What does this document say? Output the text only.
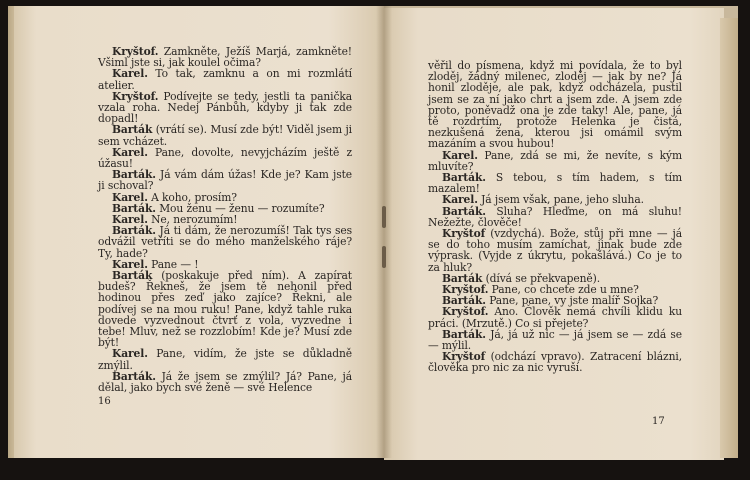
Kryštof. Zamkněte, Ježíš Marjá, zamkněte! Všiml jste si, jak koulel očima?

Karel. To tak, zamknu a on mi rozmlátí atelier.

Kryštof. Podívejte se tedy, jestli ta panička vzala roha. Nedej Pánbůh, kdyby ji tak zde dopadl!

Barták (vrátí se). Musí zde být! Viděl jsem ji sem vcházet.

Karel. Pane, dovolte, nevyjcházím ještě z úžasu!

Barták. Já vám dám úžas! Kde je? Kam jste ji schoval?

Karel. A koho, prosím?

Barták. Mou ženu — ženu — rozumíte?

Karel. Ne, nerozumím!

Barták. Já ti dám, že nerozumíš! Tak tys ses odvážil vetříti se do mého manželského ráje? Ty, hade?

Karel. Pane — !

Barták (poskakuje před ním). A zapírat budeš? Řekneš, že jsem tě nehonil před hodinou přes zeď jako zajíce? Řekni, ale podívej se na mou ruku! Pane, když tahle ruka dovede vyzvednout čtvrť z vola, vyzvedne i tebe! Mluv, než se rozzlobím! Kde je? Musí zde být!

Karel. Pane, vidím, že jste se důkladně zmýlil.

Barták. Já že jsem se zmýlil? Já? Pane, já dělal, jako bych své ženě — své Helence

16

věřil do písmena, když mi povídala, že to byl zloděj, žádný milenec, zloděj — jak by ne? Já honil zloděje, ale pak, když odcházela, pustil jsem se za ní jako chrt a jsem zde. A jsem zde proto, poněvadž ona je zde taky! Ale, pane, já tě rozdrtím, protože Helenka je čistá, nezkušená žena, kterou jsi omámil svým mazáním a svou hubou!

Karel. Pane, zdá se mi, že nevíte, s kým mluvíte?

Barták. S tebou, s tím hadem, s tím mazalem!

Karel. Já jsem však, pane, jeho sluha.

Barták. Sluha? Hleďme, on má sluhu! Nežežte, člověče!

Kryštof (vzdychá). Bože, stůj při mne — já se do toho musím zamíchat, jinak bude zde výprask. (Vyjde z úkrytu, pokašlává.) Co je to za hluk?

Barták (dívá se překvapeně).

Kryštof. Pane, co chcete zde u mne?

Barták. Pane, pane, vy jste malíř Sojka?

Kryštof. Ano. Člověk nemá chvíli klidu ku práci. (Mrzutě.) Co si přejete?

Barták. Já, já už nic — já jsem se — zdá se — mýlil.

Kryštof (odchází vpravo). Zatracení blázni, člověka pro nic za nic vyruší.

17
